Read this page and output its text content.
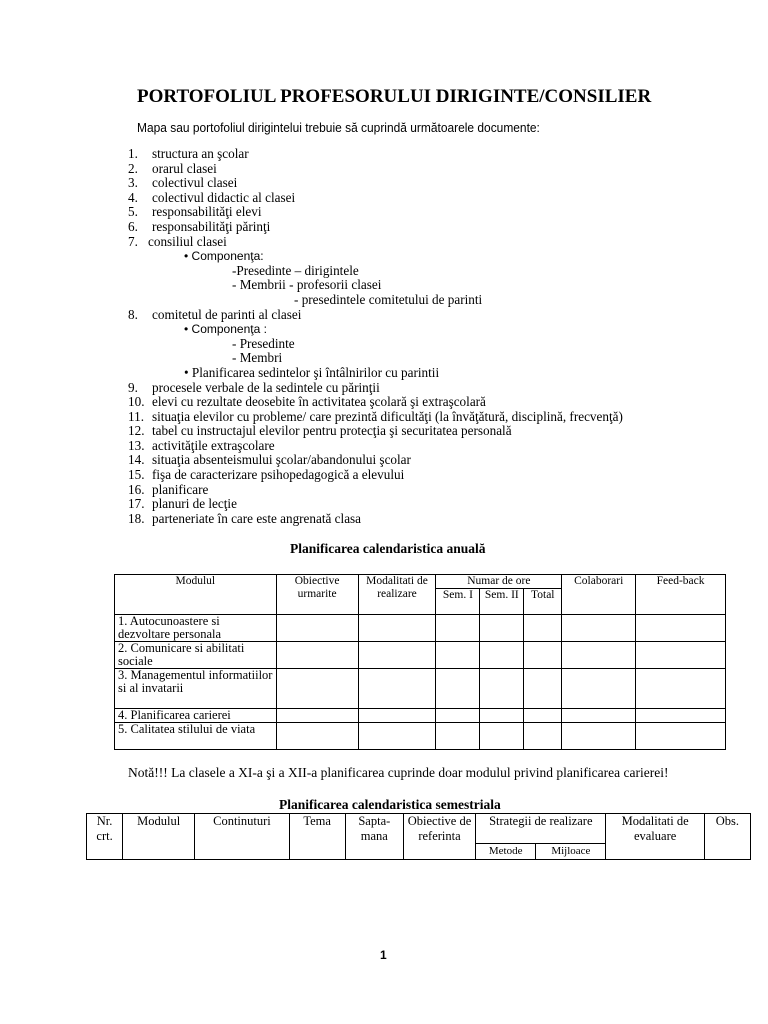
PORTOFOLIUL PROFESORULUI DIRIGINTE/CONSILIER
Mapa sau portofoliul dirigintelui trebuie să cuprindă următoarele documente:
1. structura an şcolar
2. orarul clasei
3. colectivul clasei
4. colectivul didactic al clasei
5. responsabilităţi elevi
6. responsabilităţi părinţi
7. consiliul clasei
• Componenţa:
-Presedinte – dirigintele
- Membrii - profesorii clasei
- presedintele comitetului de parinti
8. comitetul de parinti al clasei
• Componenţa :
- Presedinte
- Membri
• Planificarea sedintelor şi întâlnirilor cu parintii
9. procesele verbale de la sedintele cu părinţii
10. elevi cu rezultate deosebite în activitatea şcolară şi extraşcolară
11. situaţia elevilor cu probleme/ care prezintă dificultăţi (la învăţătură, disciplină, frecvenţă)
12. tabel cu instructajul elevilor pentru protecţia şi securitatea personală
13. activităţile extraşcolare
14. situaţia absenteismului şcolar/abandonului şcolar
15. fişa de caracterizare psihopedagogică a elevului
16. planificare
17. planuri de lecţie
18. parteneriate în care este angrenată clasa
Planificarea calendaristica anuală
Modulul	Obiective urmarite	Modalitati de realizare	Numar de ore			Colaborari	Feed-back
			Sem. I	Sem. II	Total		
1. Autocunoastere si dezvoltare personala							
2. Comunicare si abilitati sociale							
3. Managementul informatiilor si al invatarii							
4. Planificarea carierei							
5. Calitatea stilului de viata							
Notă!!! La clasele a XI-a şi a XII-a planificarea cuprinde doar modulul privind planificarea carierei!
Planificarea calendaristica semestriala
Nr. crt.	Modulul	Continuturi	Tema	Sapta- mana	Obiective de referinta	Strategii de realizare		Modalitati de evaluare	Obs.
						Metode	Mijloace		
1
